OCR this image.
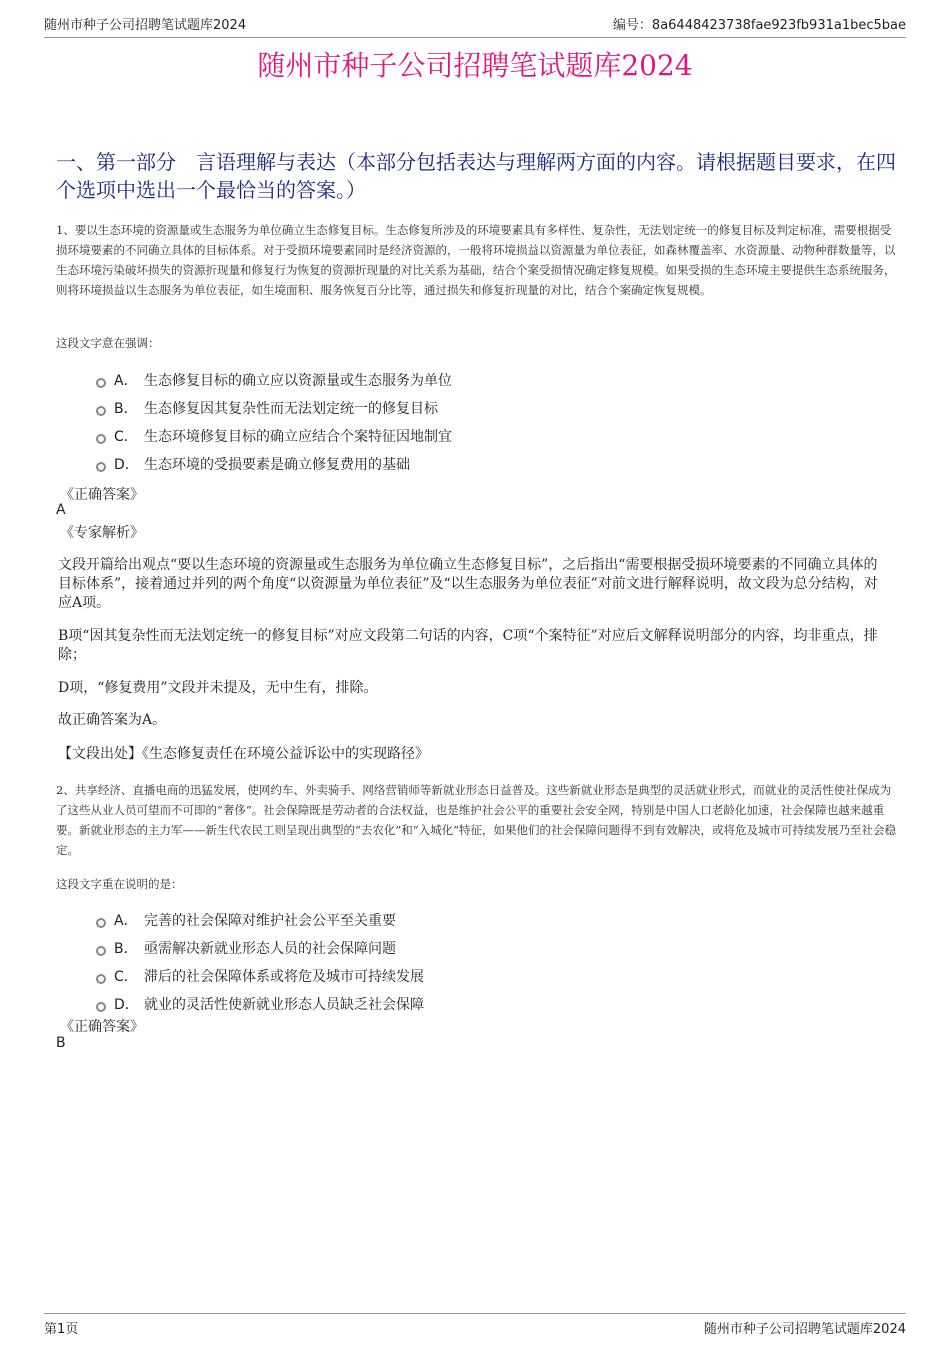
随州市种子公司招聘笔试题库2024	编号：8a6448423738fae923fb931a1bec5bae
随州市种子公司招聘笔试题库2024
一、第一部分　言语理解与表达（本部分包括表达与理解两方面的内容。请根据题目要求，在四个选项中选出一个最恰当的答案。）
1、要以生态环境的资源量或生态服务为单位确立生态修复目标。生态修复所涉及的环境要素具有多样性、复杂性，无法划定统一的修复目标及判定标准，需要根据受损环境要素的不同确立具体的目标体系。对于受损环境要素同时是经济资源的，一般将环境损益以资源量为单位表征，如森林覆盖率、水资源量、动物种群数量等，以生态环境污染破坏损失的资源折现量和修复行为恢复的资源折现量的对比关系为基础，结合个案受损情况确定修复规模。如果受损的生态环境主要提供生态系统服务，则将环境损益以生态服务为单位表征，如生境面积、服务恢复百分比等，通过损失和修复折现量的对比，结合个案确定恢复规模。
这段文字意在强调：
A． 生态修复目标的确立应以资源量或生态服务为单位
B． 生态修复因其复杂性而无法划定统一的修复目标
C． 生态环境修复目标的确立应结合个案特征因地制宜
D． 生态环境的受损要素是确立修复费用的基础
《正确答案》
A
《专家解析》
文段开篇给出观点“要以生态环境的资源量或生态服务为单位确立生态修复目标”，之后指出“需要根据受损环境要素的不同确立具体的目标体系”，接着通过并列的两个角度“以资源量为单位表征”及“以生态服务为单位表征”对前文进行解释说明，故文段为总分结构，对应A项。
B项“因其复杂性而无法划定统一的修复目标”对应文段第二句话的内容，C项“个案特征”对应后文解释说明部分的内容，均非重点，排除；
D项，“修复费用”文段并未提及，无中生有，排除。
故正确答案为A。
【文段出处】《生态修复责任在环境公益诉讼中的实现路径》
2、共享经济、直播电商的迅猛发展，使网约车、外卖骑手、网络营销师等新就业形态日益普及。这些新就业形态是典型的灵活就业形式，而就业的灵活性使社保成为了这些从业人员可望而不可即的“奢侈”。社会保障既是劳动者的合法权益，也是维护社会公平的重要社会安全网，特别是中国人口老龄化加速，社会保障也越来越重要。新就业形态的主力军——新生代农民工则呈现出典型的“去农化”和“入城化”特征，如果他们的社会保障问题得不到有效解决，或将危及城市可持续发展乃至社会稳定。
这段文字重在说明的是：
A． 完善的社会保障对维护社会公平至关重要
B． 亟需解决新就业形态人员的社会保障问题
C． 滞后的社会保障体系或将危及城市可持续发展
D． 就业的灵活性使新就业形态人员缺乏社会保障
《正确答案》
B
第1页	随州市种子公司招聘笔试题库2024
